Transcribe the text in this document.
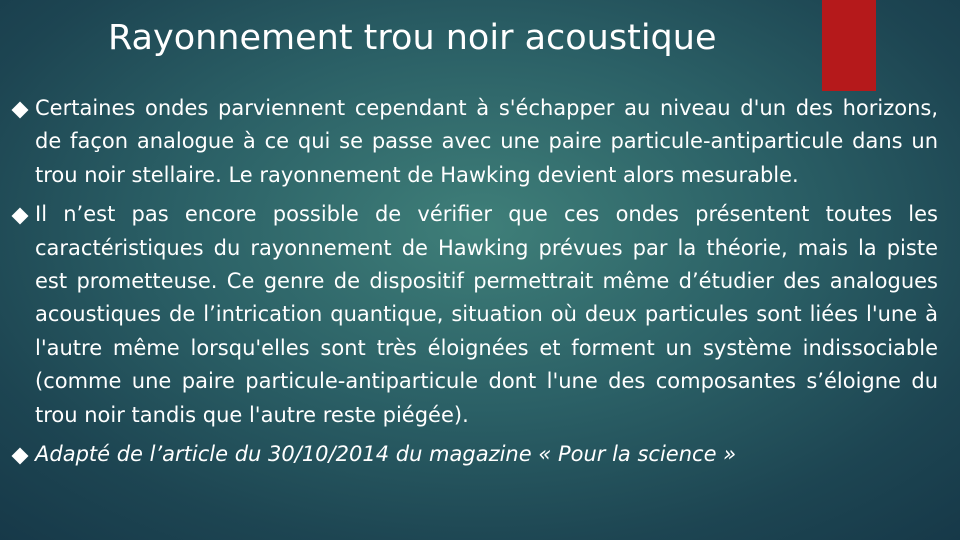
Rayonnement trou noir acoustique
Certaines ondes parviennent cependant à s'échapper au niveau d'un des horizons, de façon analogue à ce qui se passe avec une paire particule-antiparticule dans un trou noir stellaire. Le rayonnement de Hawking devient alors mesurable.
Il n’est pas encore possible de vérifier que ces ondes présentent toutes les caractéristiques du rayonnement de Hawking prévues par la théorie, mais la piste est prometteuse. Ce genre de dispositif permettrait même d’étudier des analogues acoustiques de l’intrication quantique, situation où deux particules sont liées l'une à l'autre même lorsqu'elles sont très éloignées et forment un système indissociable (comme une paire particule-antiparticule dont l'une des composantes s’éloigne du trou noir tandis que l'autre reste piégée).
Adapté de l’article du 30/10/2014 du magazine « Pour la science »
